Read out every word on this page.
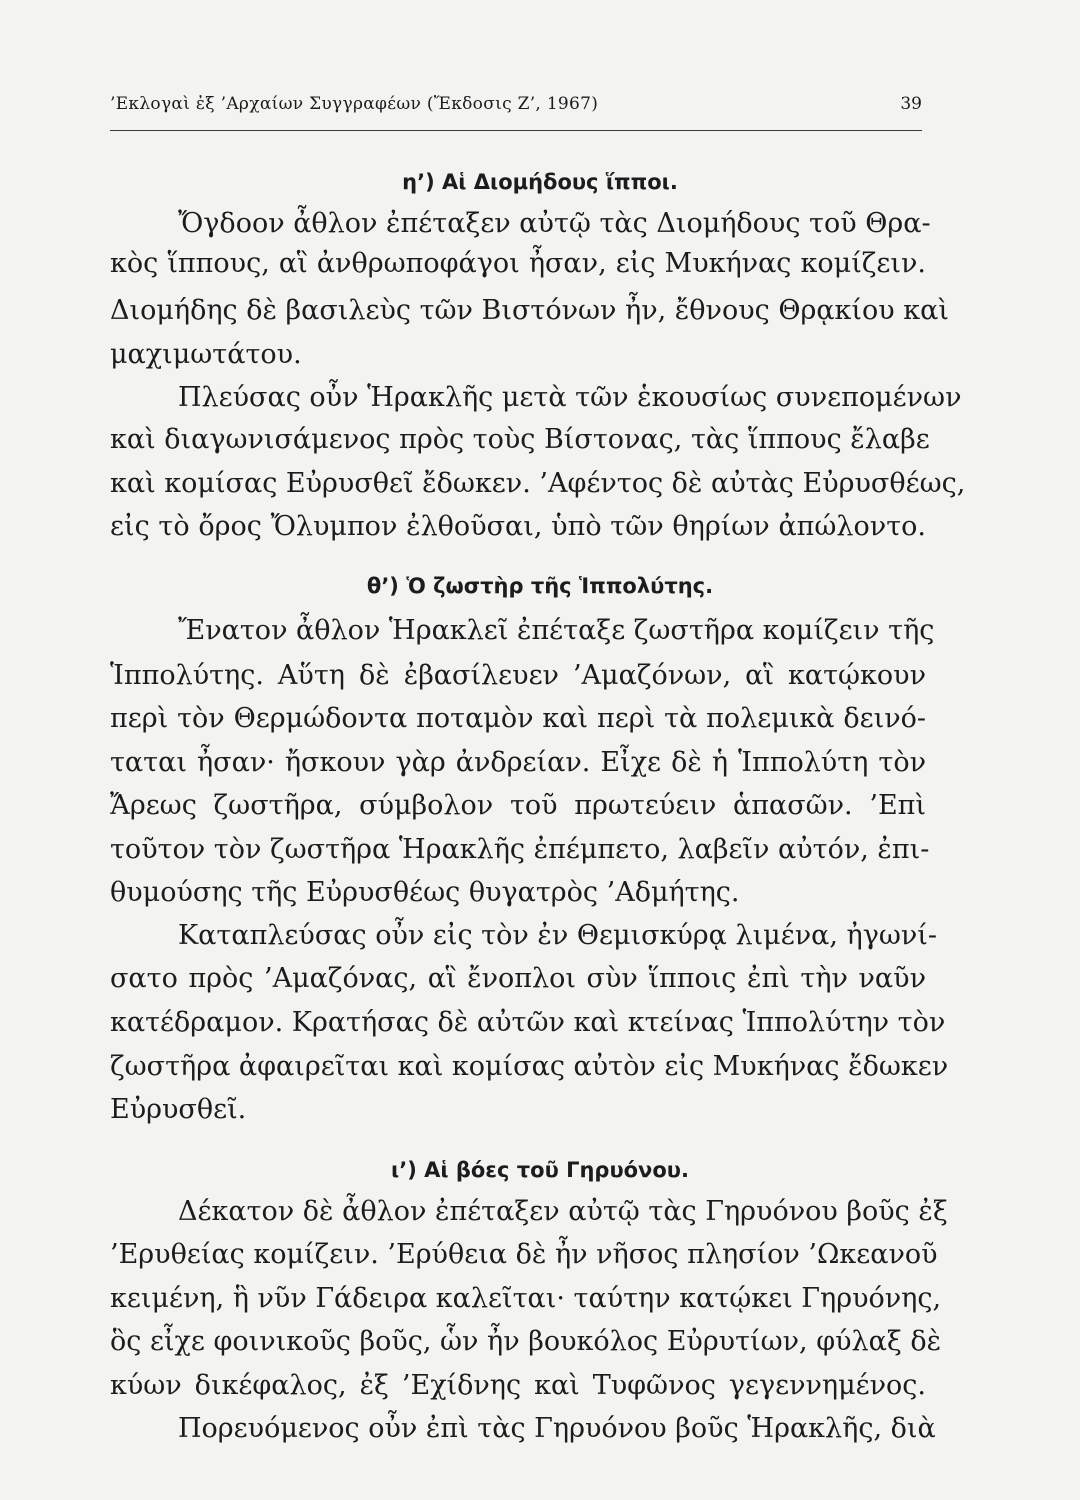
’Εκλογαὶ ἐξ ’Αρχαίων Συγγραφέων (Ἔκδοσις Ζ’, 1967)	39
η’) Αἱ Διομήδους ἵπποι.
Ὄγδοον ἆθλον ἐπέταξεν αὐτῷ τὰς Διομήδους τοῦ Θρα-
κὸς ἵππους, αἳ ἀνθρωποφάγοι ἦσαν, εἰς Μυκήνας κομίζειν.
Διομήδης δὲ βασιλεὺς τῶν Βιστόνων ἦν, ἔθνους Θρᾳκίου καὶ
μαχιμωτάτου.
Πλεύσας οὖν Ἡρακλῆς μετὰ τῶν ἑκουσίως συνεπομένων
καὶ διαγωνισάμενος πρὸς τοὺς Βίστονας, τὰς ἵππους ἔλαβε
καὶ κομίσας Εὐρυσθεῖ ἔδωκεν. ’Αφέντος δὲ αὐτὰς Εὐρυσθέως,
εἰς τὸ ὄρος Ὄλυμπον ἐλθοῦσαι, ὑπὸ τῶν θηρίων ἀπώλοντο.
θ’) Ὁ ζωστὴρ τῆς Ἱππολύτης.
Ἔνατον ἆθλον Ἡρακλεῖ ἐπέταξε ζωστῆρα κομίζειν τῆς
Ἱππολύτης. Αὕτη δὲ ἐβασίλευεν ’Αμαζόνων, αἳ κατῴκουν
περὶ τὸν Θερμώδοντα ποταμὸν καὶ περὶ τὰ πολεμικὰ δεινό-
ταται ἦσαν· ἤσκουν γὰρ ἀνδρείαν. Εἶχε δὲ ἡ Ἱππολύτη τὸν
Ἄρεως ζωστῆρα, σύμβολον τοῦ πρωτεύειν ἁπασῶν. ’Επὶ
τοῦτον τὸν ζωστῆρα Ἡρακλῆς ἐπέμπετο, λαβεῖν αὐτόν, ἐπι-
θυμούσης τῆς Εὐρυσθέως θυγατρὸς ’Αδμήτης.
Καταπλεύσας οὖν εἰς τὸν ἐν Θεμισκύρᾳ λιμένα, ἠγωνί-
σατο πρὸς ’Αμαζόνας, αἳ ἔνοπλοι σὺν ἵπποις ἐπὶ τὴν ναῦν
κατέδραμον. Κρατήσας δὲ αὐτῶν καὶ κτείνας Ἱππολύτην τὸν
ζωστῆρα ἀφαιρεῖται καὶ κομίσας αὐτὸν εἰς Μυκήνας ἔδωκεν
Εὐρυσθεῖ.
ι’) Αἱ βόες τοῦ Γηρυόνου.
Δέκατον δὲ ἆθλον ἐπέταξεν αὐτῷ τὰς Γηρυόνου βοῦς ἐξ
’Ερυθείας κομίζειν. ’Ερύθεια δὲ ἦν νῆσος πλησίον ’Ωκεανοῦ
κειμένη, ἣ νῦν Γάδειρα καλεῖται· ταύτην κατῴκει Γηρυόνης,
ὃς εἶχε φοινικοῦς βοῦς, ὧν ἦν βουκόλος Εὐρυτίων, φύλαξ δὲ
κύων δικέφαλος, ἐξ ’Εχίδνης καὶ Τυφῶνος γεγεννημένος.
Πορευόμενος οὖν ἐπὶ τὰς Γηρυόνου βοῦς Ἡρακλῆς, διὰ
